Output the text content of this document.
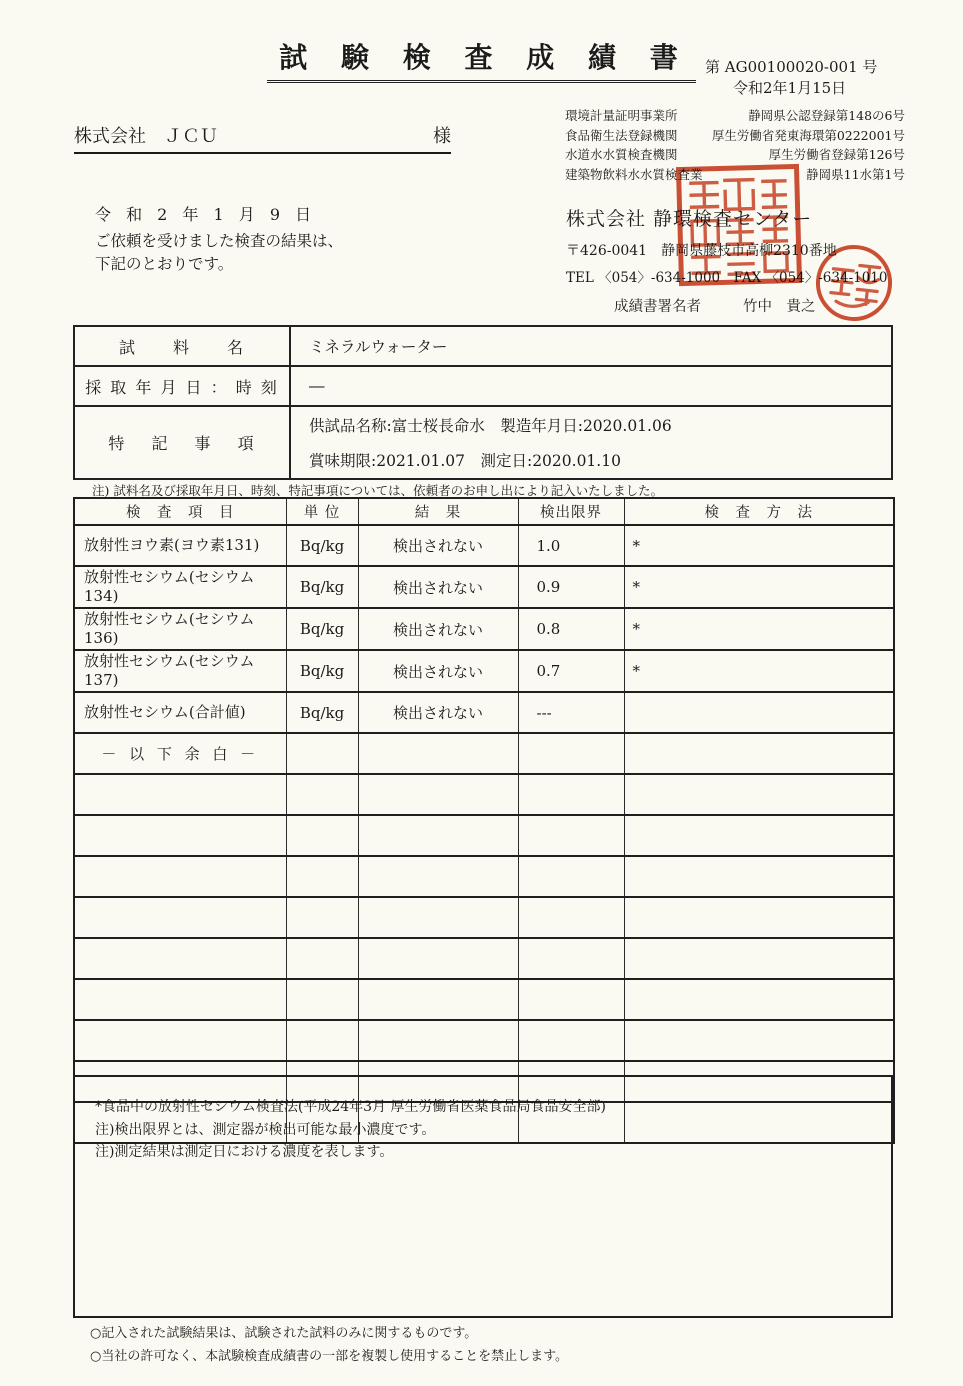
試 験 検 査 成 績 書	第 AG00100020-001 号
令和2年1月15日
株式会社　ＪＣＵ	様
環境計量証明事業所	静岡県公認登録第148の6号
食品衛生法登録機関	厚生労働省発東海環第0222001号
水道水水質検査機関	厚生労働省登録第126号
建築物飲料水水質検査業	静岡県11水第1号
令 和 2 年 1 月 9 日
ご依頼を受けました検査の結果は、
下記のとおりです。
株式会社 静環検査センター
〒426-0041　静岡県藤枝市高柳2310番地
TEL 〈054〉-634-1000　FAX 〈054〉-634-1010
成績書署名者	竹中　貴之
試　　料　　名	ミネラルウォーター
採 取 年 月 日 ： 時 刻	―
特　 記　 事　 項	供試品名称:富士桜長命水　製造年月日:2020.01.06
賞味期限:2021.01.07　測定日:2020.01.10
注) 試料名及び採取年月日、時刻、特記事項については、依頼者のお申し出により記入いたしました。
検　査　項　目	単 位	結　果	検出限界	検　査　方　法
放射性ヨウ素(ヨウ素131)	Bq/kg	検出されない	1.0	*
放射性セシウム(セシウム134)	Bq/kg	検出されない	0.9	*
放射性セシウム(セシウム136)	Bq/kg	検出されない	0.8	*
放射性セシウム(セシウム137)	Bq/kg	検出されない	0.7	*
放射性セシウム(合計値)	Bq/kg	検出されない	---	
－ 以 下 余 白 －				

*食品中の放射性セシウム検査法(平成24年3月 厚生労働省医薬食品局食品安全部)
注)検出限界とは、測定器が検出可能な最小濃度です。
注)測定結果は測定日における濃度を表します。
○記入された試験結果は、試験された試料のみに関するものです。
○当社の許可なく、本試験検査成績書の一部を複製し使用することを禁止します。
